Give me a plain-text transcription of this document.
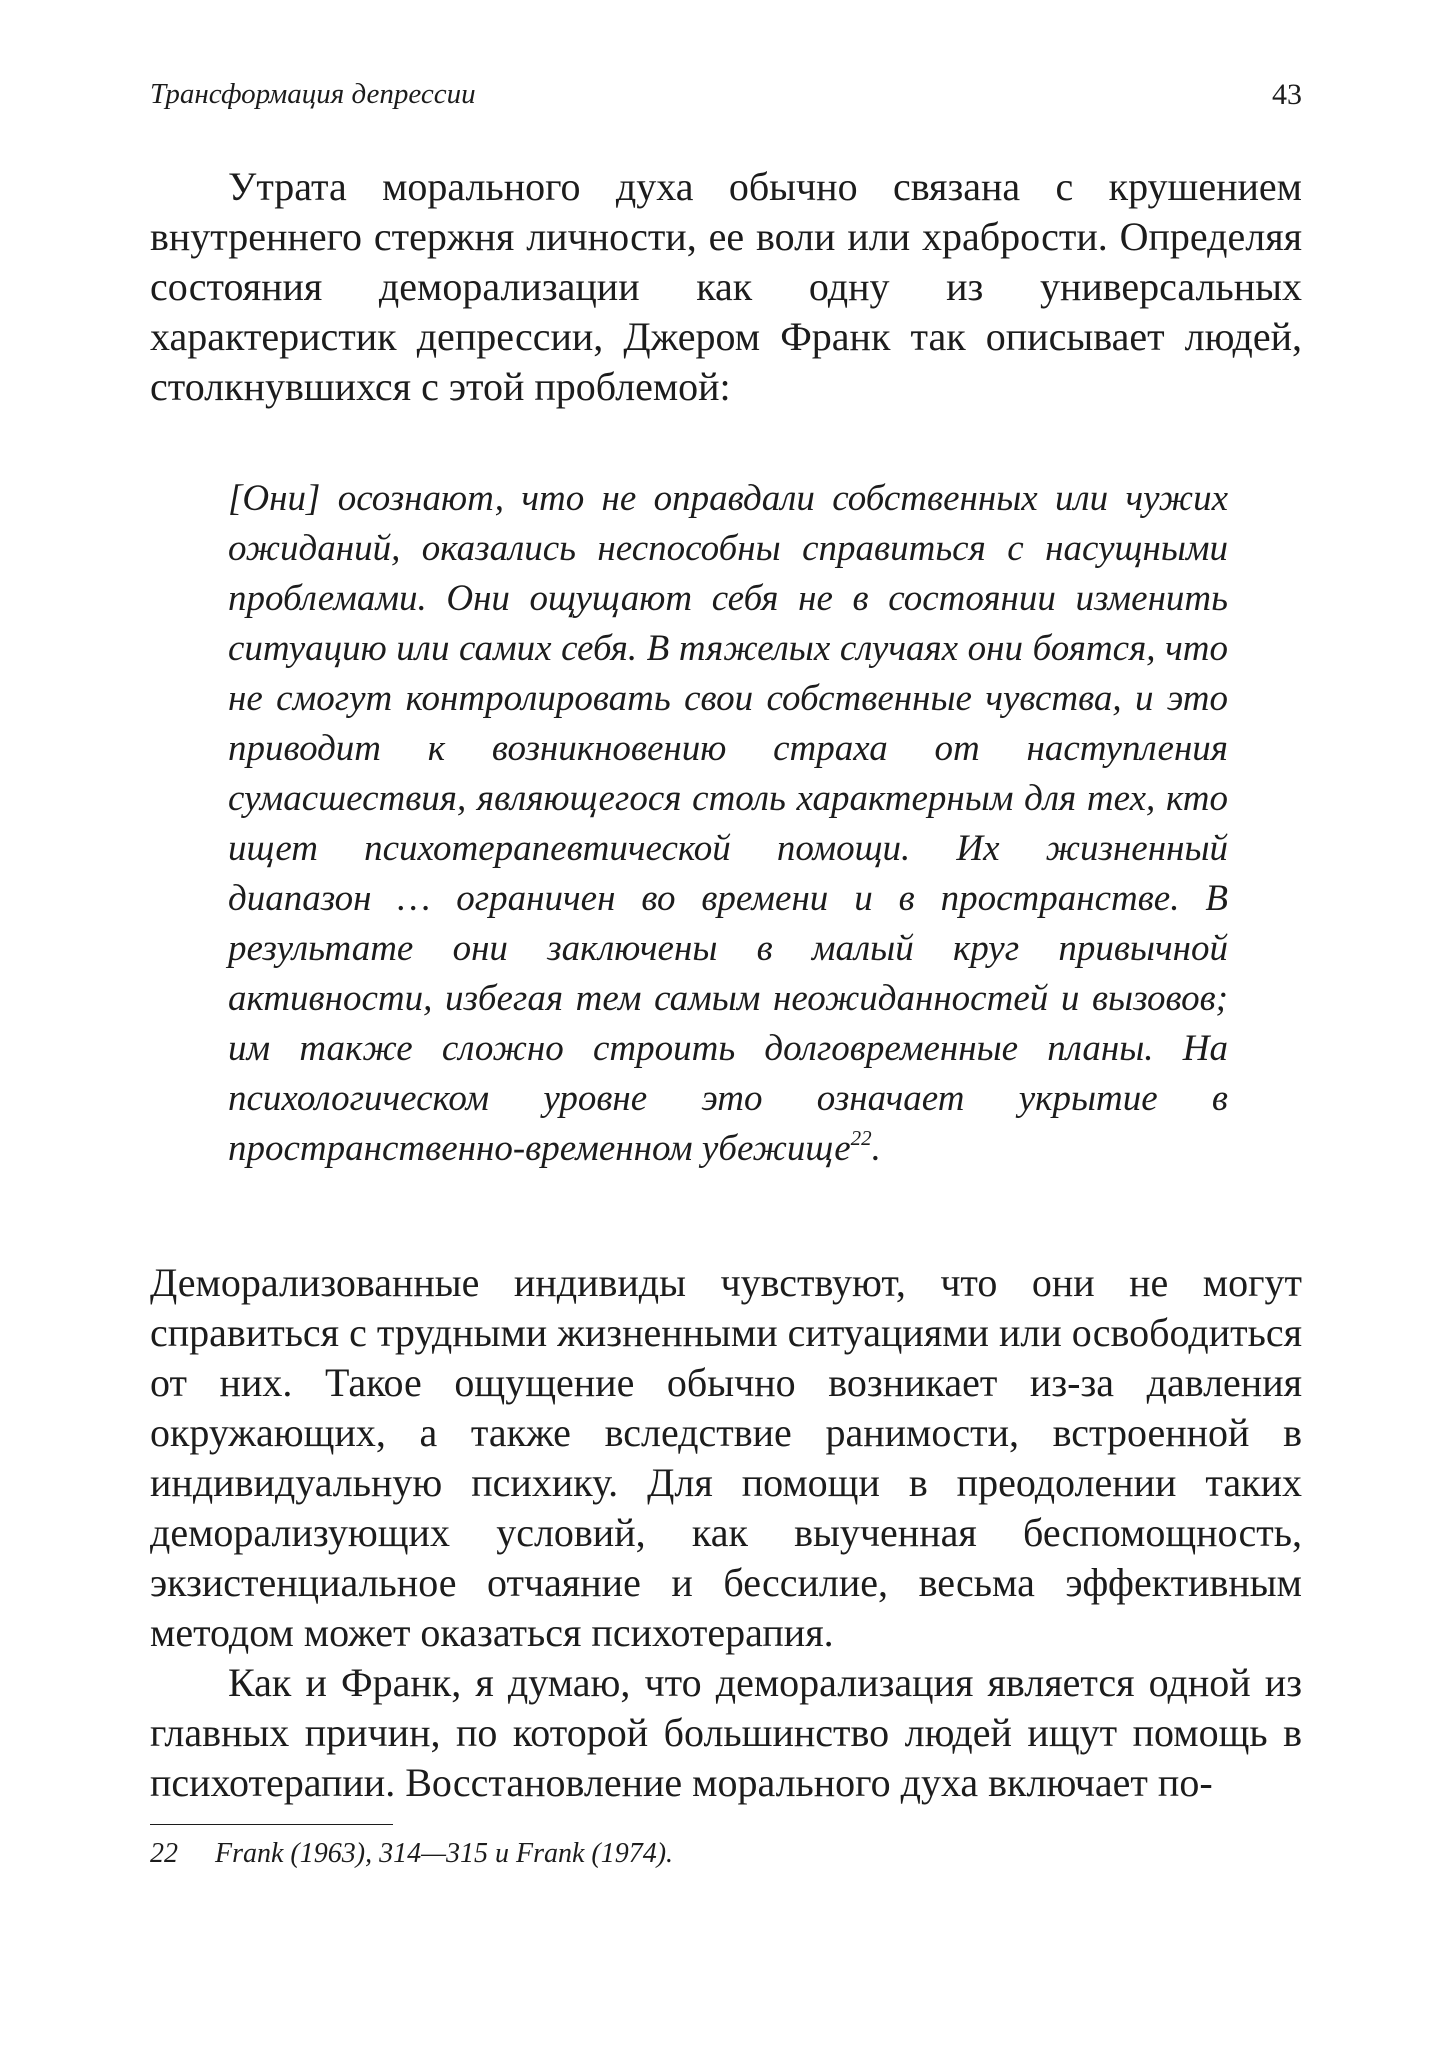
Трансформация депрессии	43

Утрата морального духа обычно связана с крушением внутреннего стержня личности, ее воли или храбрости. Определяя состояния деморализации как одну из универсальных характеристик депрессии, Джером Франк так описывает людей, столкнувшихся с этой проблемой:

[Они] осознают, что не оправдали собственных или чужих ожиданий, оказались неспособны справиться с насущными проблемами. Они ощущают себя не в состоянии изменить ситуацию или самих себя. В тяжелых случаях они боятся, что не смогут контролировать свои собственные чувства, и это приводит к возникновению страха от наступления сумасшествия, являющегося столь характерным для тех, кто ищет психотерапевтической помощи. Их жизненный диапазон … ограничен во времени и в пространстве. В результате они заключены в малый круг привычной активности, избегая тем самым неожиданностей и вызовов; им также сложно строить долговременные планы. На психологическом уровне это означает укрытие в пространственно-временном убежище$^{22}$.

Деморализованные индивиды чувствуют, что они не могут справиться с трудными жизненными ситуациями или освободиться от них. Такое ощущение обычно возникает из-за давления окружающих, а также вследствие ранимости, встроенной в индивидуальную психику. Для помощи в преодолении таких деморализующих условий, как выученная беспомощность, экзистенциальное отчаяние и бессилие, весьма эффективным методом может оказаться психотерапия.

Как и Франк, я думаю, что деморализация является одной из главных причин, по которой большинство людей ищут помощь в психотерапии. Восстановление морального духа включает по-

22 Frank (1963), 314—315 и Frank (1974).
